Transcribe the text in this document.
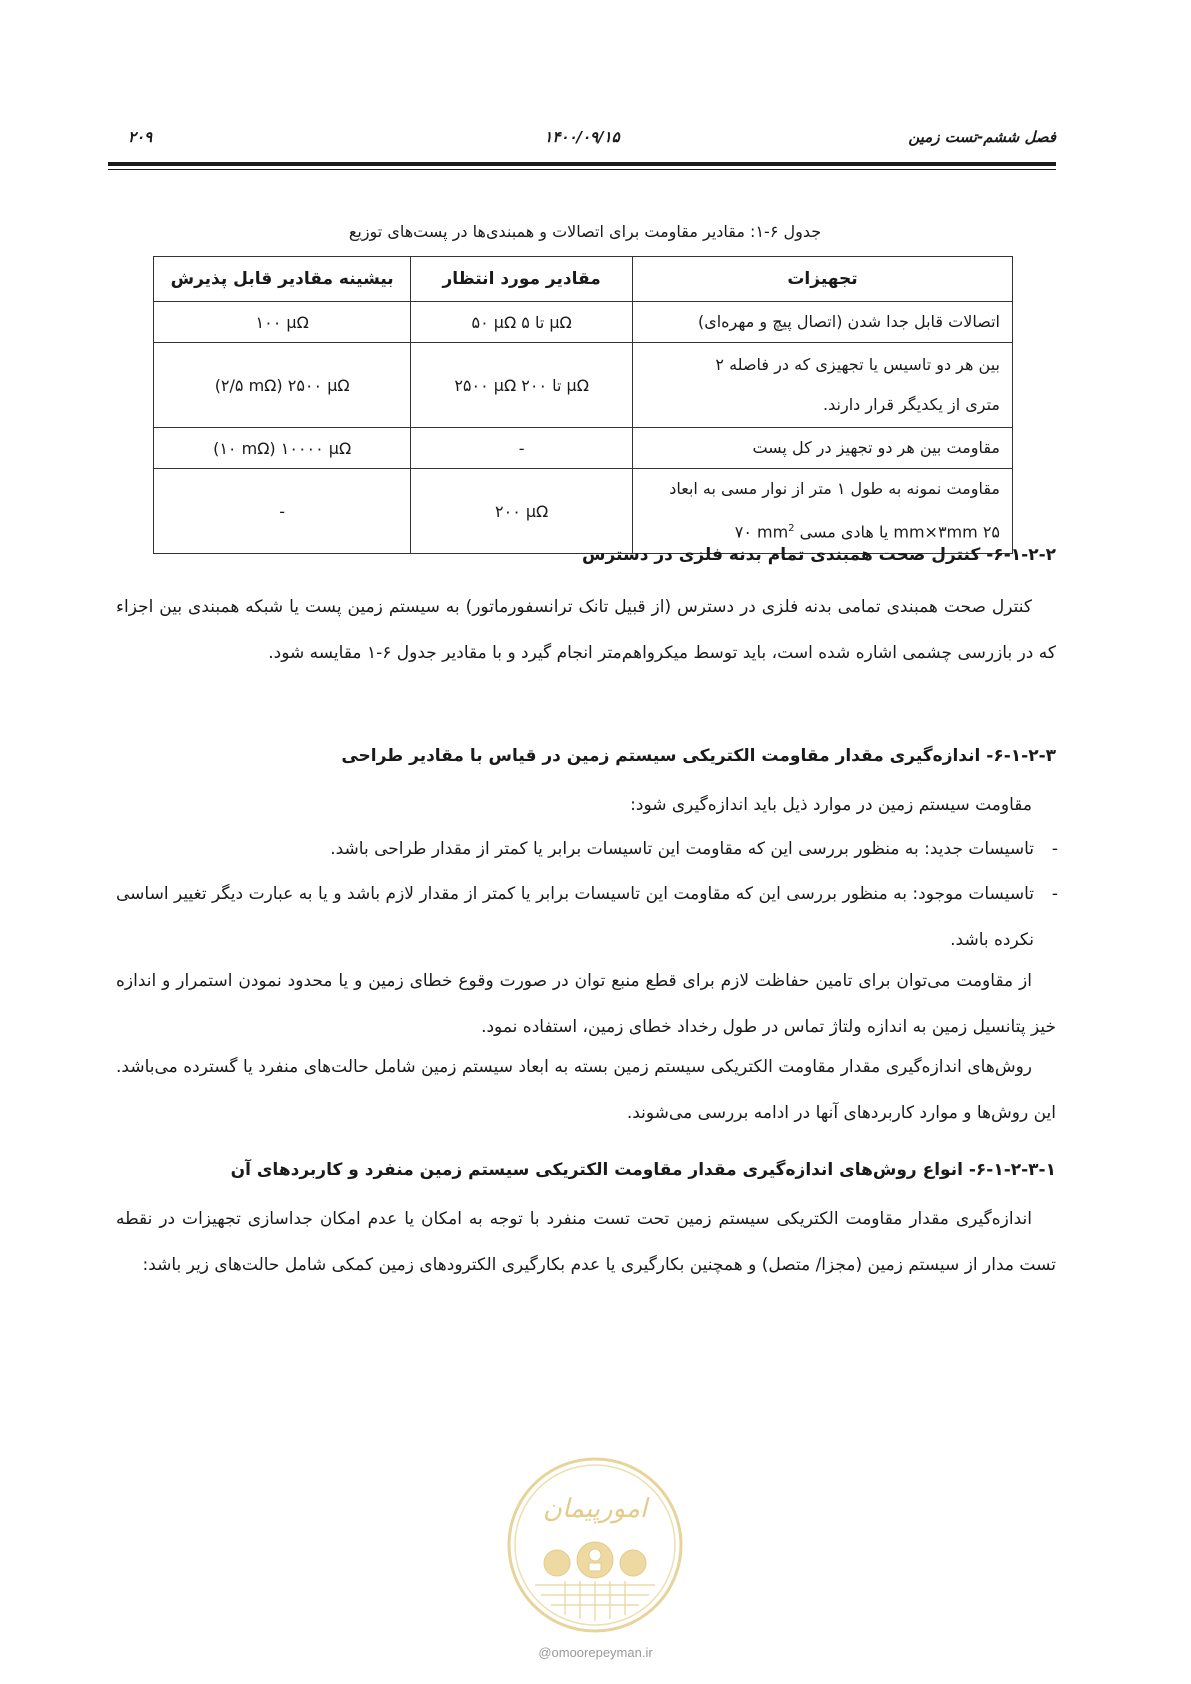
فصل ششم-تست زمین
۱۴۰۰/۰۹/۱۵
۲۰۹
جدول ۶-۱: مقادیر مقاومت برای اتصالات و همبندی‌ها در پست‌های توزیع
تجهیزات	مقادیر مورد انتظار	بیشینه مقادیر قابل پذیرش
اتصالات قابل جدا شدن (اتصال پیچ و مهره‌ای)	۵۰ μΩ تا ۵ μΩ	۱۰۰ μΩ

بین هر دو تاسیس یا تجهیزی که در فاصله ۲
متری از یکدیگر قرار دارند.	۲۵۰۰ μΩ تا ۲۰۰ μΩ	(۲/۵ mΩ) ۲۵۰۰ μΩ
مقاومت بین هر دو تجهیز در کل پست	-	(۱۰ mΩ) ۱۰۰۰۰ μΩ

مقاومت نمونه به طول ۱ متر از نوار مسی به ابعاد
۲۵ mm×۳mm یا هادی مسی ۷۰ $mm^2$	۲۰۰ μΩ	-
۶-۱-۲-۲- کنترل صحت همبندی تمام بدنه فلزی در دسترس
کنترل صحت همبندی تمامی بدنه فلزی در دسترس (از قبیل تانک ترانسفورماتور) به سیستم زمین پست یا شبکه همبندی بین اجزاء که در بازرسی چشمی اشاره شده است، باید توسط میکرواهم‌متر انجام گیرد و با مقادیر جدول ۶-۱ مقایسه شود.
۶-۱-۲-۳- اندازه‌گیری مقدار مقاومت الکتریکی سیستم زمین در قیاس با مقادیر طراحی
مقاومت سیستم زمین در موارد ذیل باید اندازه‌گیری شود:
-
تاسیسات جدید: به منظور بررسی این که مقاومت این تاسیسات برابر یا کمتر از مقدار طراحی باشد.
-
تاسیسات موجود: به منظور بررسی این که مقاومت این تاسیسات برابر یا کمتر از مقدار لازم باشد و یا به عبارت دیگر تغییر اساسی نکرده باشد.
از مقاومت می‌توان برای تامین حفاظت لازم برای قطع منبع توان در صورت وقوع خطای زمین و یا محدود نمودن استمرار و اندازه خیز پتانسیل زمین به اندازه ولتاژ تماس در طول رخداد خطای زمین، استفاده نمود.
روش‌های اندازه‌گیری مقدار مقاومت الکتریکی سیستم زمین بسته به ابعاد سیستم زمین شامل حالت‌های منفرد یا گسترده می‌باشد. این روش‌ها و موارد کاربردهای آنها در ادامه بررسی می‌شوند.
۶-۱-۲-۳-۱- انواع روش‌های اندازه‌گیری مقدار مقاومت الکتریکی سیستم زمین منفرد و کاربردهای آن
اندازه‌گیری مقدار مقاومت الکتریکی سیستم زمین تحت تست منفرد با توجه به امکان یا عدم امکان جداسازی تجهیزات در نقطه تست مدار از سیستم زمین (مجزا/ متصل) و همچنین بکارگیری یا عدم بکارگیری الکترودهای زمین کمکی شامل حالت‌های زیر باشد:
امورپیمان
@omoorepeyman.ir
